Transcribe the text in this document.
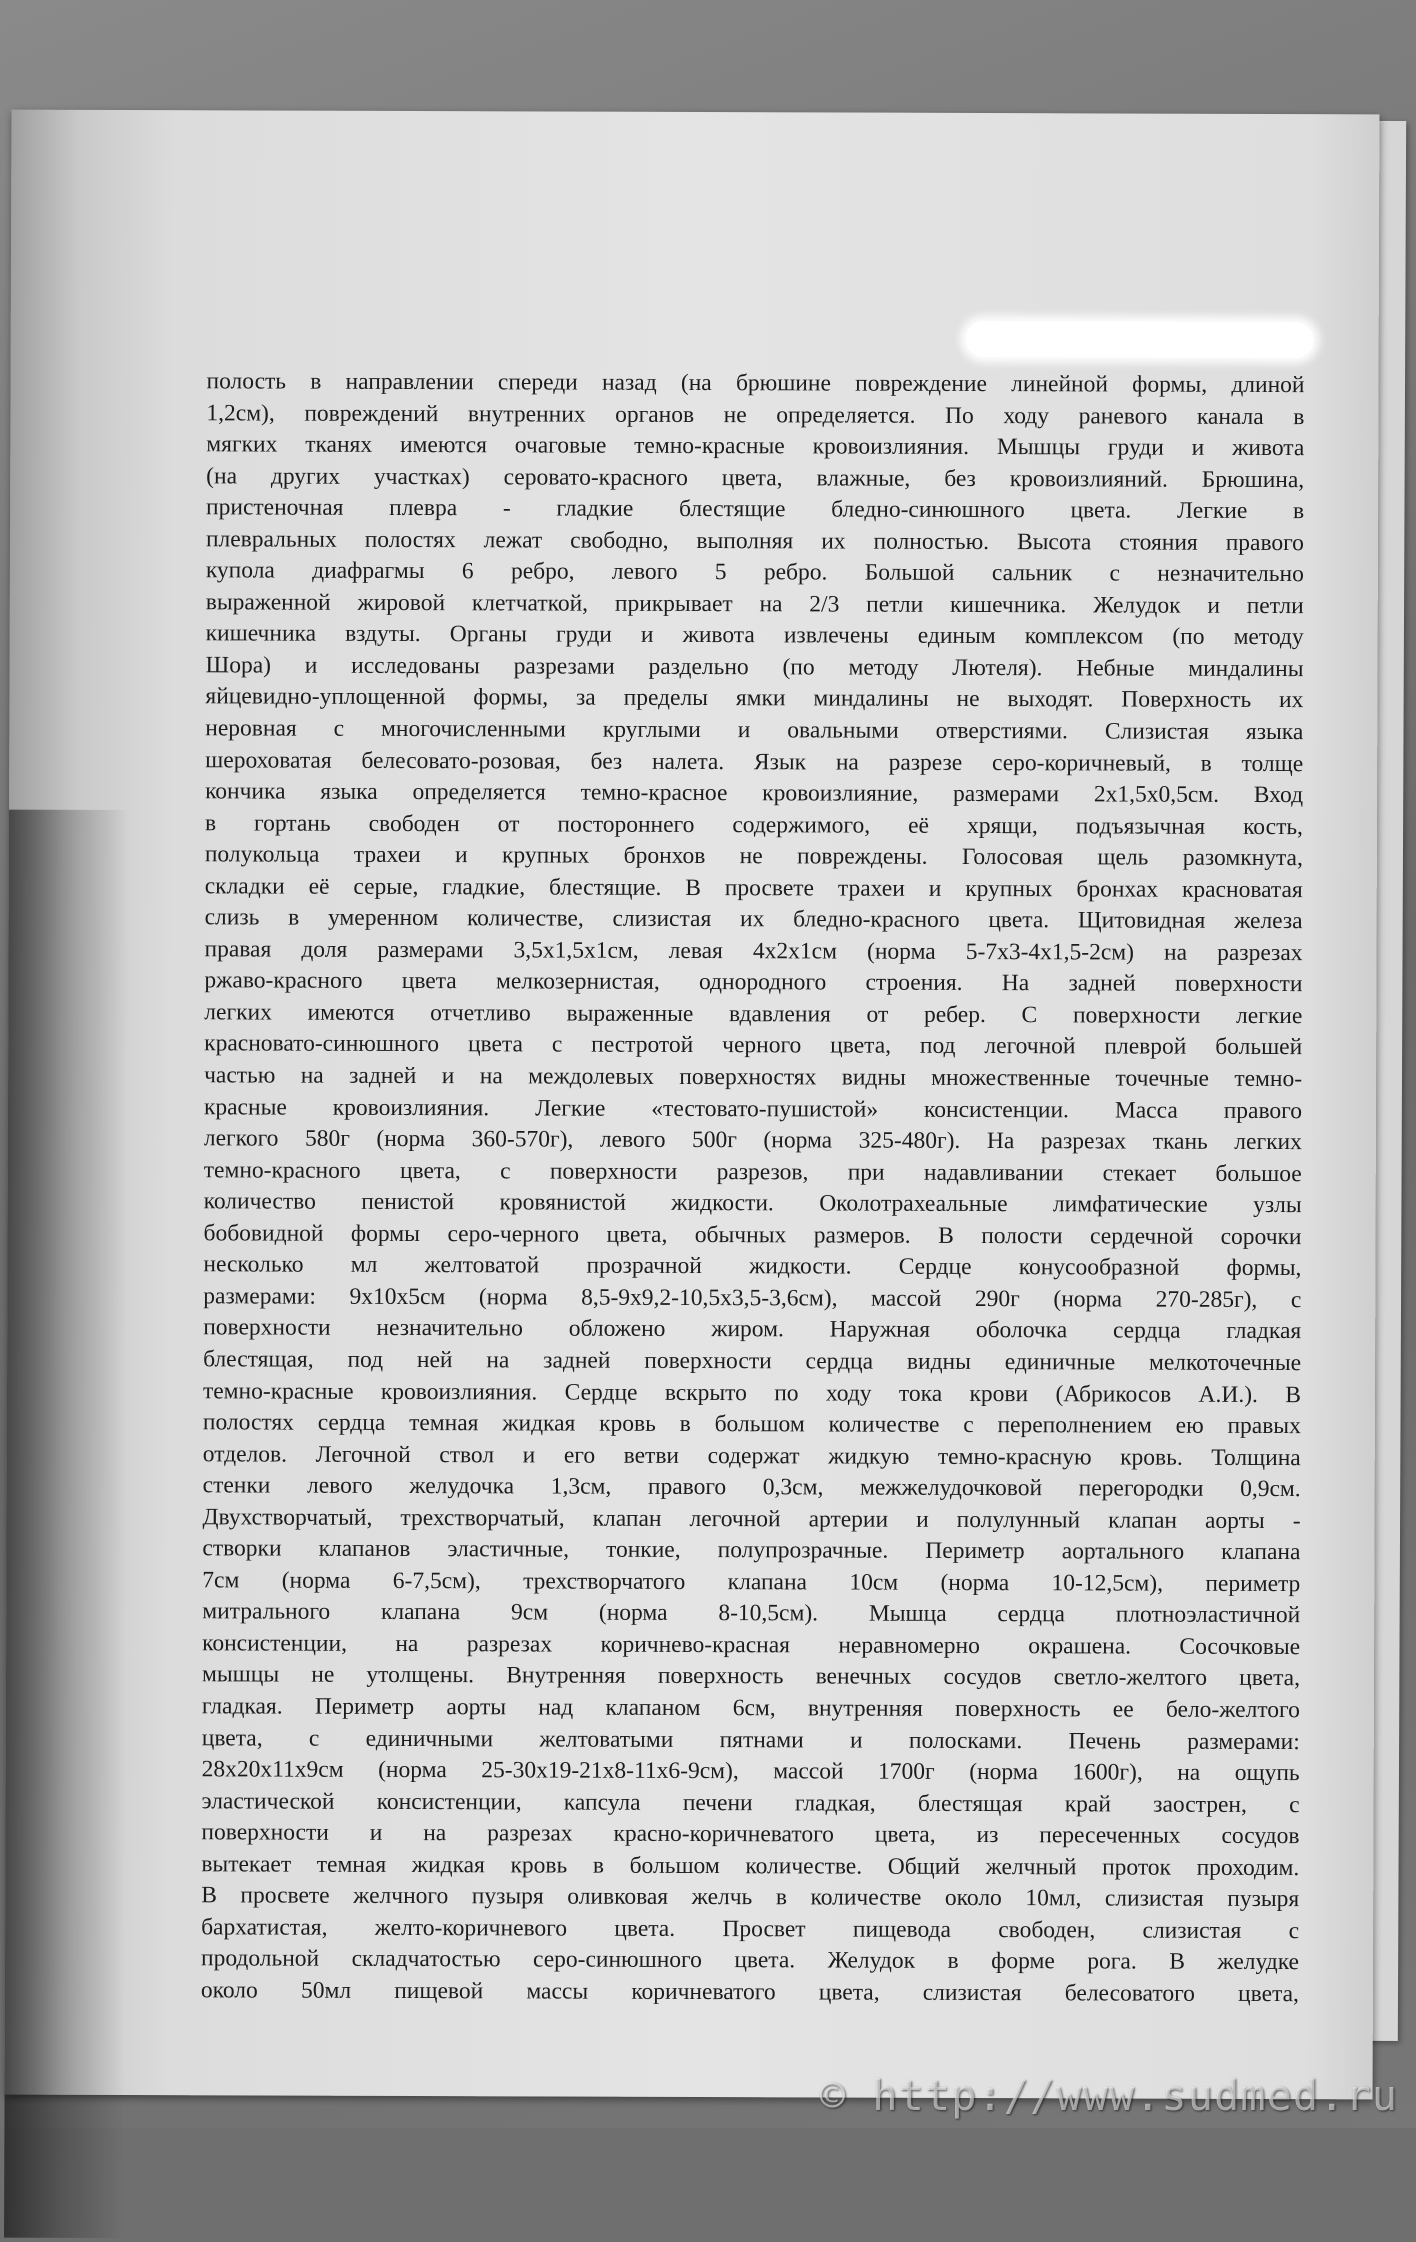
полость в направлении спереди назад (на брюшине повреждение линейной формы, длиной
1,2см), повреждений внутренних органов не определяется. По ходу раневого канала в
мягких тканях имеются очаговые темно-красные кровоизлияния. Мышцы груди и живота
(на других участках) сероватo-красного цвета, влажные, без кровоизлияний. Брюшина,
пристеночная плевра - гладкие блестящие бледно-синюшного цвета. Легкие в
плевральных полостях лежат свободно, выполняя их полностью. Высота стояния правого
купола диафрагмы 6 ребро, левого 5 ребро. Большой сальник с незначительно
выраженной жировой клетчаткой, прикрывает на 2/3 петли кишечника. Желудок и петли
кишечника вздуты. Органы груди и живота извлечены единым комплексом (по методу
Шора) и исследованы разрезами раздельно (по методу Лютеля). Небные миндалины
яйцевидно-уплощенной формы, за пределы ямки миндалины не выходят. Поверхность их
неровная с многочисленными круглыми и овальными отверстиями. Слизистая языка
шероховатая белесовато-розовая, без налета. Язык на разрезе серо-коричневый, в толще
кончика языка определяется темно-красное кровоизлияние, размерами 2х1,5х0,5см. Вход
в гортань свободен от постороннего содержимого, её хрящи, подъязычная кость,
полукольца трахеи и крупных бронхов не повреждены. Голосовая щель разомкнута,
складки её серые, гладкие, блестящие. В просвете трахеи и крупных бронхах красноватая
слизь в умеренном количестве, слизистая их бледно-красного цвета. Щитовидная железа
правая доля размерами 3,5х1,5х1см, левая 4х2х1см (норма 5-7х3-4х1,5-2см) на разрезах
ржаво-красного цвета мелкозернистая, однородного строения. На задней поверхности
легких имеются отчетливо выраженные вдавления от ребер. С поверхности легкие
красновато-синюшного цвета с пестротой черного цвета, под легочной плеврой большей
частью на задней и на междолевых поверхностях видны множественные точечные темно-
красные кровоизлияния. Легкие «тестовато-пушистой» консистенции. Масса правого
легкого 580г (норма 360-570г), левого 500г (норма 325-480г). На разрезах ткань легких
темно-красного цвета, с поверхности разрезов, при надавливании стекает большое
количество пенистой кровянистой жидкости. Околотрахеальные лимфатические узлы
бобовидной формы серо-черного цвета, обычных размеров. В полости сердечной сорочки
несколько мл желтоватой прозрачной жидкости. Сердце конусообразной формы,
размерами: 9х10х5см (норма 8,5-9х9,2-10,5х3,5-3,6см), массой 290г (норма 270-285г), с
поверхности незначительно обложено жиром. Наружная оболочка сердца гладкая
блестящая, под ней на задней поверхности сердца видны единичные мелкоточечные
темно-красные кровоизлияния. Сердце вскрыто по ходу тока крови (Абрикосов А.И.). В
полостях сердца темная жидкая кровь в большом количестве с переполнением ею правых
отделов. Легочной ствол и его ветви содержат жидкую темно-красную кровь. Толщина
стенки левого желудочка 1,3см, правого 0,3см, межжелудочковой перегородки 0,9см.
Двухстворчатый, трехстворчатый, клапан легочной артерии и полулунный клапан аорты -
створки клапанов эластичные, тонкие, полупрозрачные. Периметр аортального клапана
7см (норма 6-7,5см), трехстворчатого клапана 10см (норма 10-12,5см), периметр
митрального клапана 9см (норма 8-10,5см). Мышца сердца плотноэластичной
консистенции, на разрезах коричнево-красная неравномерно окрашена. Сосочковые
мышцы не утолщены. Внутренняя поверхность венечных сосудов светло-желтого цвета,
гладкая. Периметр аорты над клапаном 6см, внутренняя поверхность ее бело-желтого
цвета, с единичными желтоватыми пятнами и полосками. Печень размерами:
28х20х11х9см (норма 25-30х19-21х8-11х6-9см), массой 1700г (норма 1600г), на ощупь
эластической консистенции, капсула печени гладкая, блестящая край заострен, с
поверхности и на разрезах красно-коричневатого цвета, из пересеченных сосудов
вытекает темная жидкая кровь в большом количестве. Общий желчный проток проходим.
В просвете желчного пузыря оливковая желчь в количестве около 10мл, слизистая пузыря
бархатистая, желто-коричневого цвета. Просвет пищевода свободен, слизистая с
продольной складчатостью серо-синюшного цвета. Желудок в форме рога. В желудке
около 50мл пищевой массы коричневатого цвета, слизистая белесоватого цвета,
© http://www.sudmed.ru
